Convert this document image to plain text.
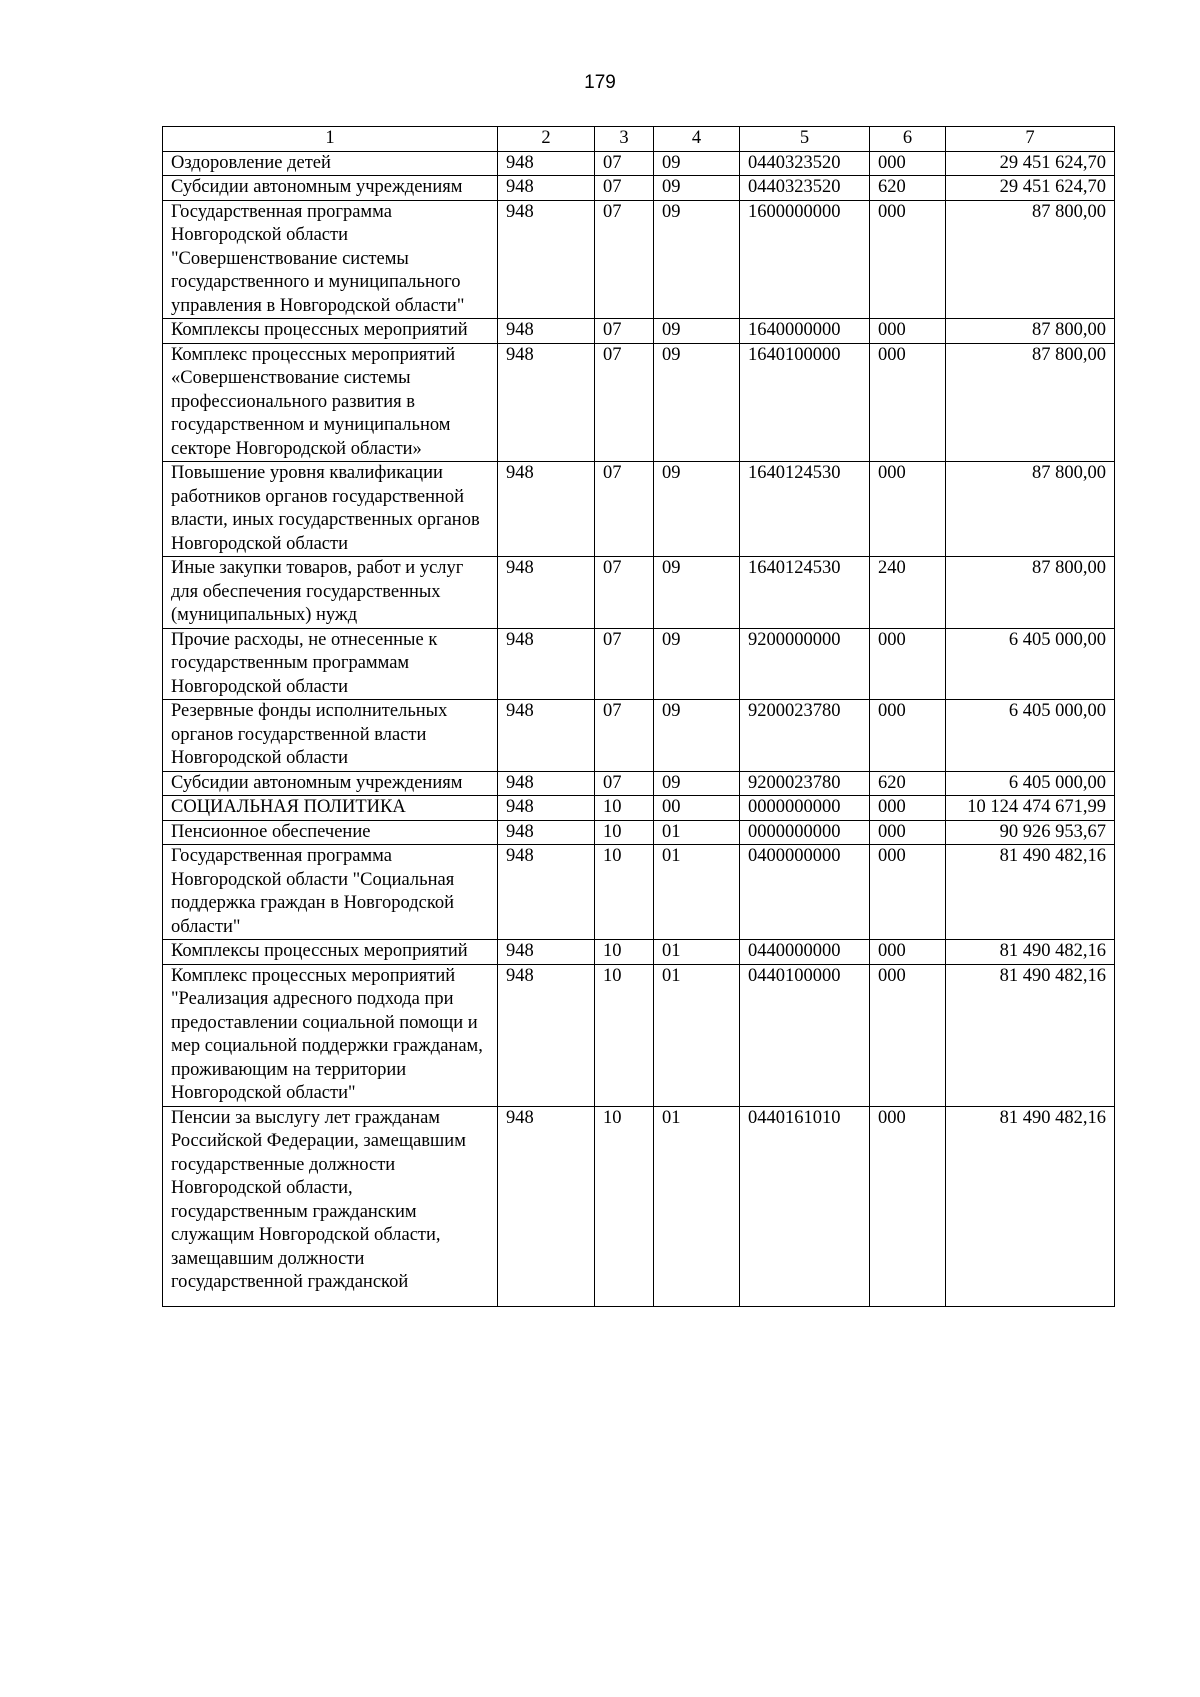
179
1	2	3	4	5	6	7
Оздоровление детей	948	07	09	0440323520	000	29 451 624,70
Субсидии автономным учреждениям	948	07	09	0440323520	620	29 451 624,70
Государственная программа Новгородской области "Совершенствование системы государственного и муниципального управления в Новгородской области"	948	07	09	1600000000	000	87 800,00
Комплексы процессных мероприятий	948	07	09	1640000000	000	87 800,00
Комплекс процессных мероприятий «Совершенствование системы профессионального развития в государственном и муниципальном секторе Новгородской области»	948	07	09	1640100000	000	87 800,00
Повышение уровня квалификации работников органов государственной власти, иных государственных органов Новгородской области	948	07	09	1640124530	000	87 800,00
Иные закупки товаров, работ и услуг для обеспечения государственных (муниципальных) нужд	948	07	09	1640124530	240	87 800,00
Прочие расходы, не отнесенные к государственным программам Новгородской области	948	07	09	9200000000	000	6 405 000,00
Резервные фонды исполнительных органов государственной власти Новгородской области	948	07	09	9200023780	000	6 405 000,00
Субсидии автономным учреждениям	948	07	09	9200023780	620	6 405 000,00
СОЦИАЛЬНАЯ ПОЛИТИКА	948	10	00	0000000000	000	10 124 474 671,99
Пенсионное обеспечение	948	10	01	0000000000	000	90 926 953,67
Государственная программа Новгородской области "Социальная поддержка граждан в Новгородской области"	948	10	01	0400000000	000	81 490 482,16
Комплексы процессных мероприятий	948	10	01	0440000000	000	81 490 482,16
Комплекс процессных мероприятий "Реализация адресного подхода при предоставлении социальной помощи и мер социальной поддержки гражданам, проживающим на территории Новгородской области"	948	10	01	0440100000	000	81 490 482,16
Пенсии за выслугу лет гражданам Российской Федерации, замещавшим государственные должности Новгородской области, государственным гражданским служащим Новгородской области, замещавшим должности государственной гражданской	948	10	01	0440161010	000	81 490 482,16
